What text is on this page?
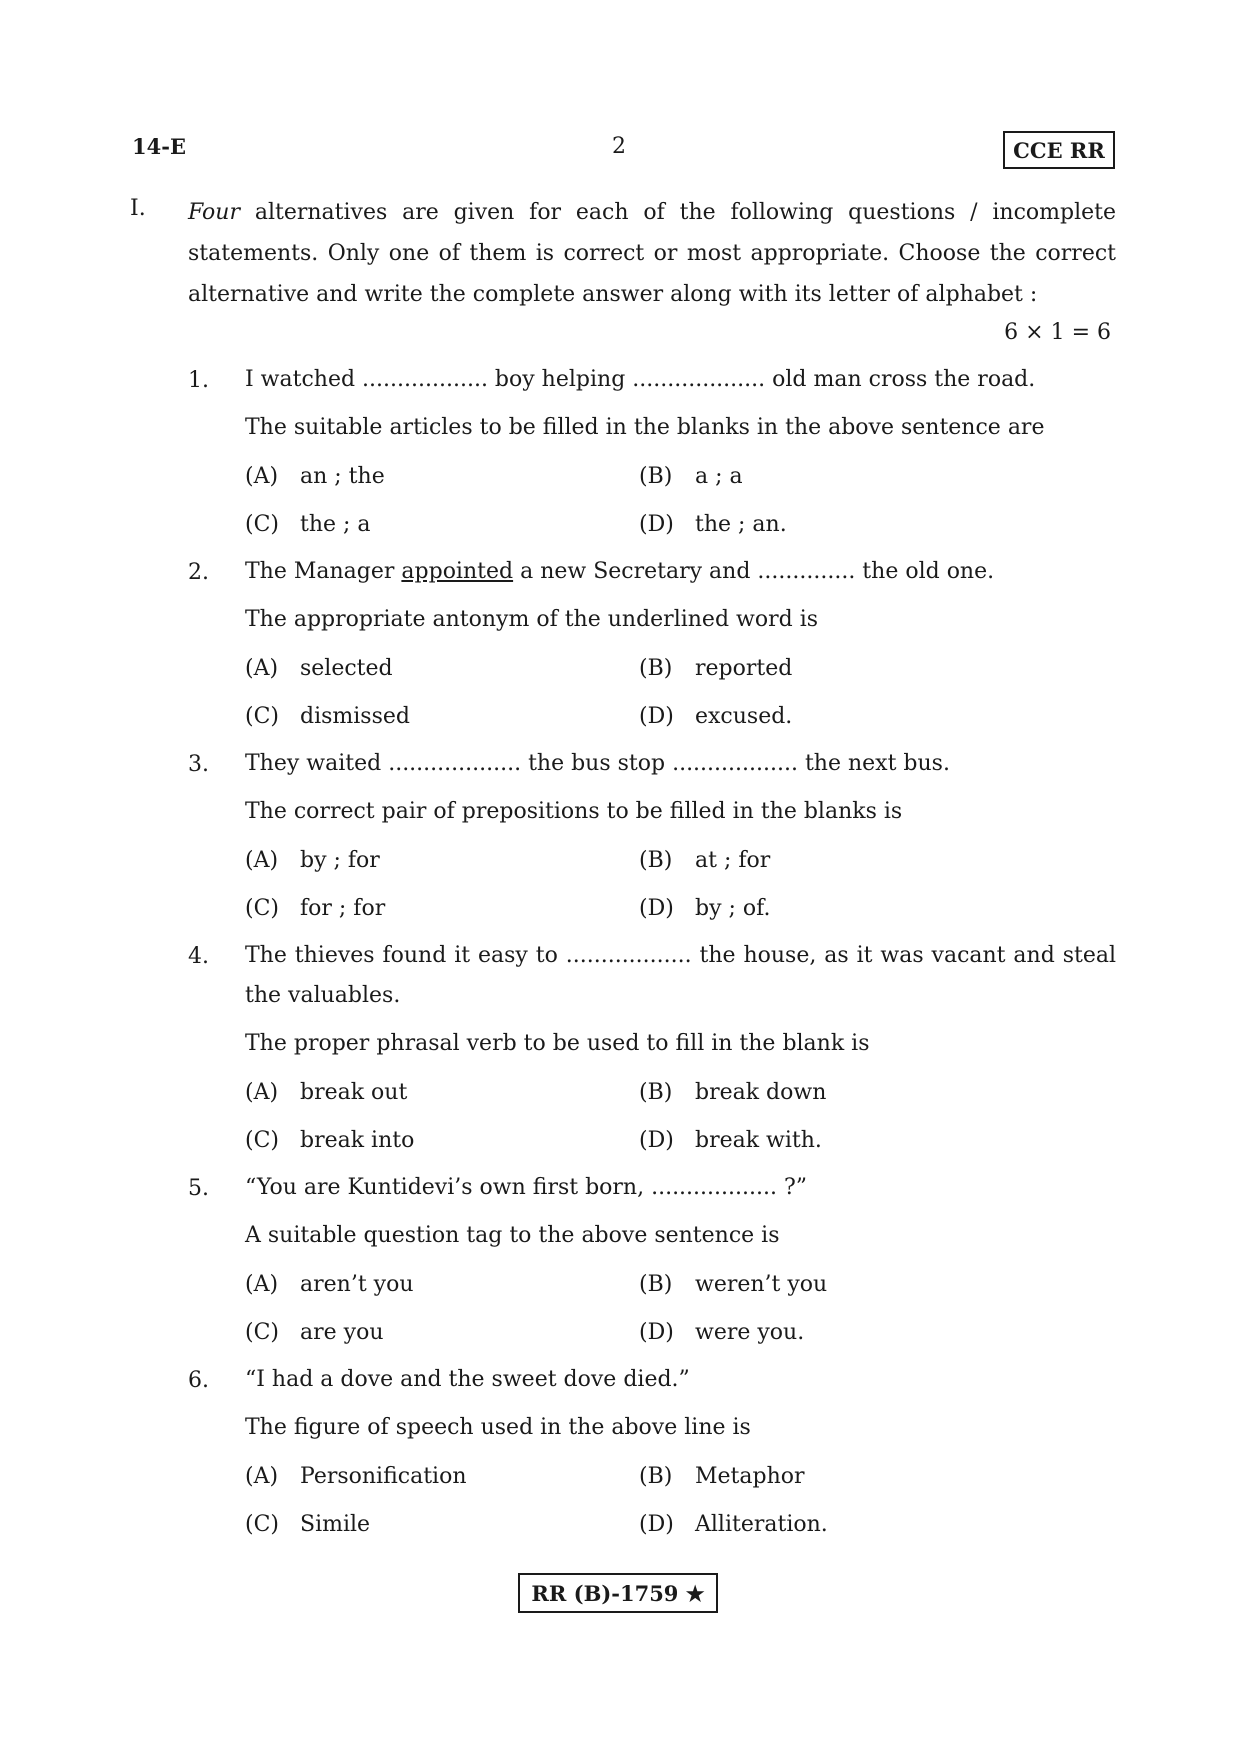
14-E	2	CCE RR
I. Four alternatives are given for each of the following questions / incomplete statements. Only one of them is correct or most appropriate. Choose the correct alternative and write the complete answer along with its letter of alphabet :
6 × 1 = 6
1. I watched .................. boy helping ................... old man cross the road.
The suitable articles to be filled in the blanks in the above sentence are
(A) an ; the	(B) a ; a
(C) the ; a	(D) the ; an.
2. The Manager appointed a new Secretary and .............. the old one.
The appropriate antonym of the underlined word is
(A) selected	(B) reported
(C) dismissed	(D) excused.
3. They waited ................... the bus stop .................. the next bus.
The correct pair of prepositions to be filled in the blanks is
(A) by ; for	(B) at ; for
(C) for ; for	(D) by ; of.
4. The thieves found it easy to .................. the house, as it was vacant and steal the valuables.
The proper phrasal verb to be used to fill in the blank is
(A) break out	(B) break down
(C) break into	(D) break with.
5. “You are Kuntidevi’s own first born, .................. ?”
A suitable question tag to the above sentence is
(A) aren’t you	(B) weren’t you
(C) are you	(D) were you.
6. “I had a dove and the sweet dove died.”
The figure of speech used in the above line is
(A) Personification	(B) Metaphor
(C) Simile	(D) Alliteration.
RR (B)-1759 ★
